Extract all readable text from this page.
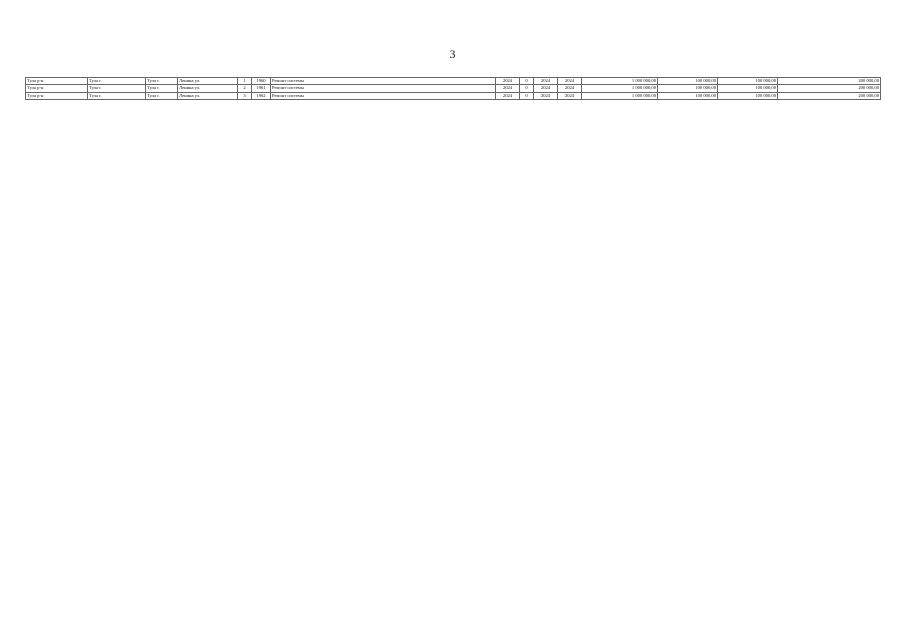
3
Тула р-н	Тула г.	Тула г.	Ленина ул.	1	1960	Ремонт системы	2024	0	2024	2024	1 000 000,00	100 000,00	100 000,00	200 000,00
Тула р-н	Тула г.	Тула г.	Ленина ул.	2	1961	Ремонт системы	2024	0	2024	2024	1 000 000,00	100 000,00	100 000,00	200 000,00
Тула р-н	Тула г.	Тула г.	Ленина ул.	3	1962	Ремонт системы	2024	0	2024	2024	1 000 000,00	100 000,00	100 000,00	200 000,00
